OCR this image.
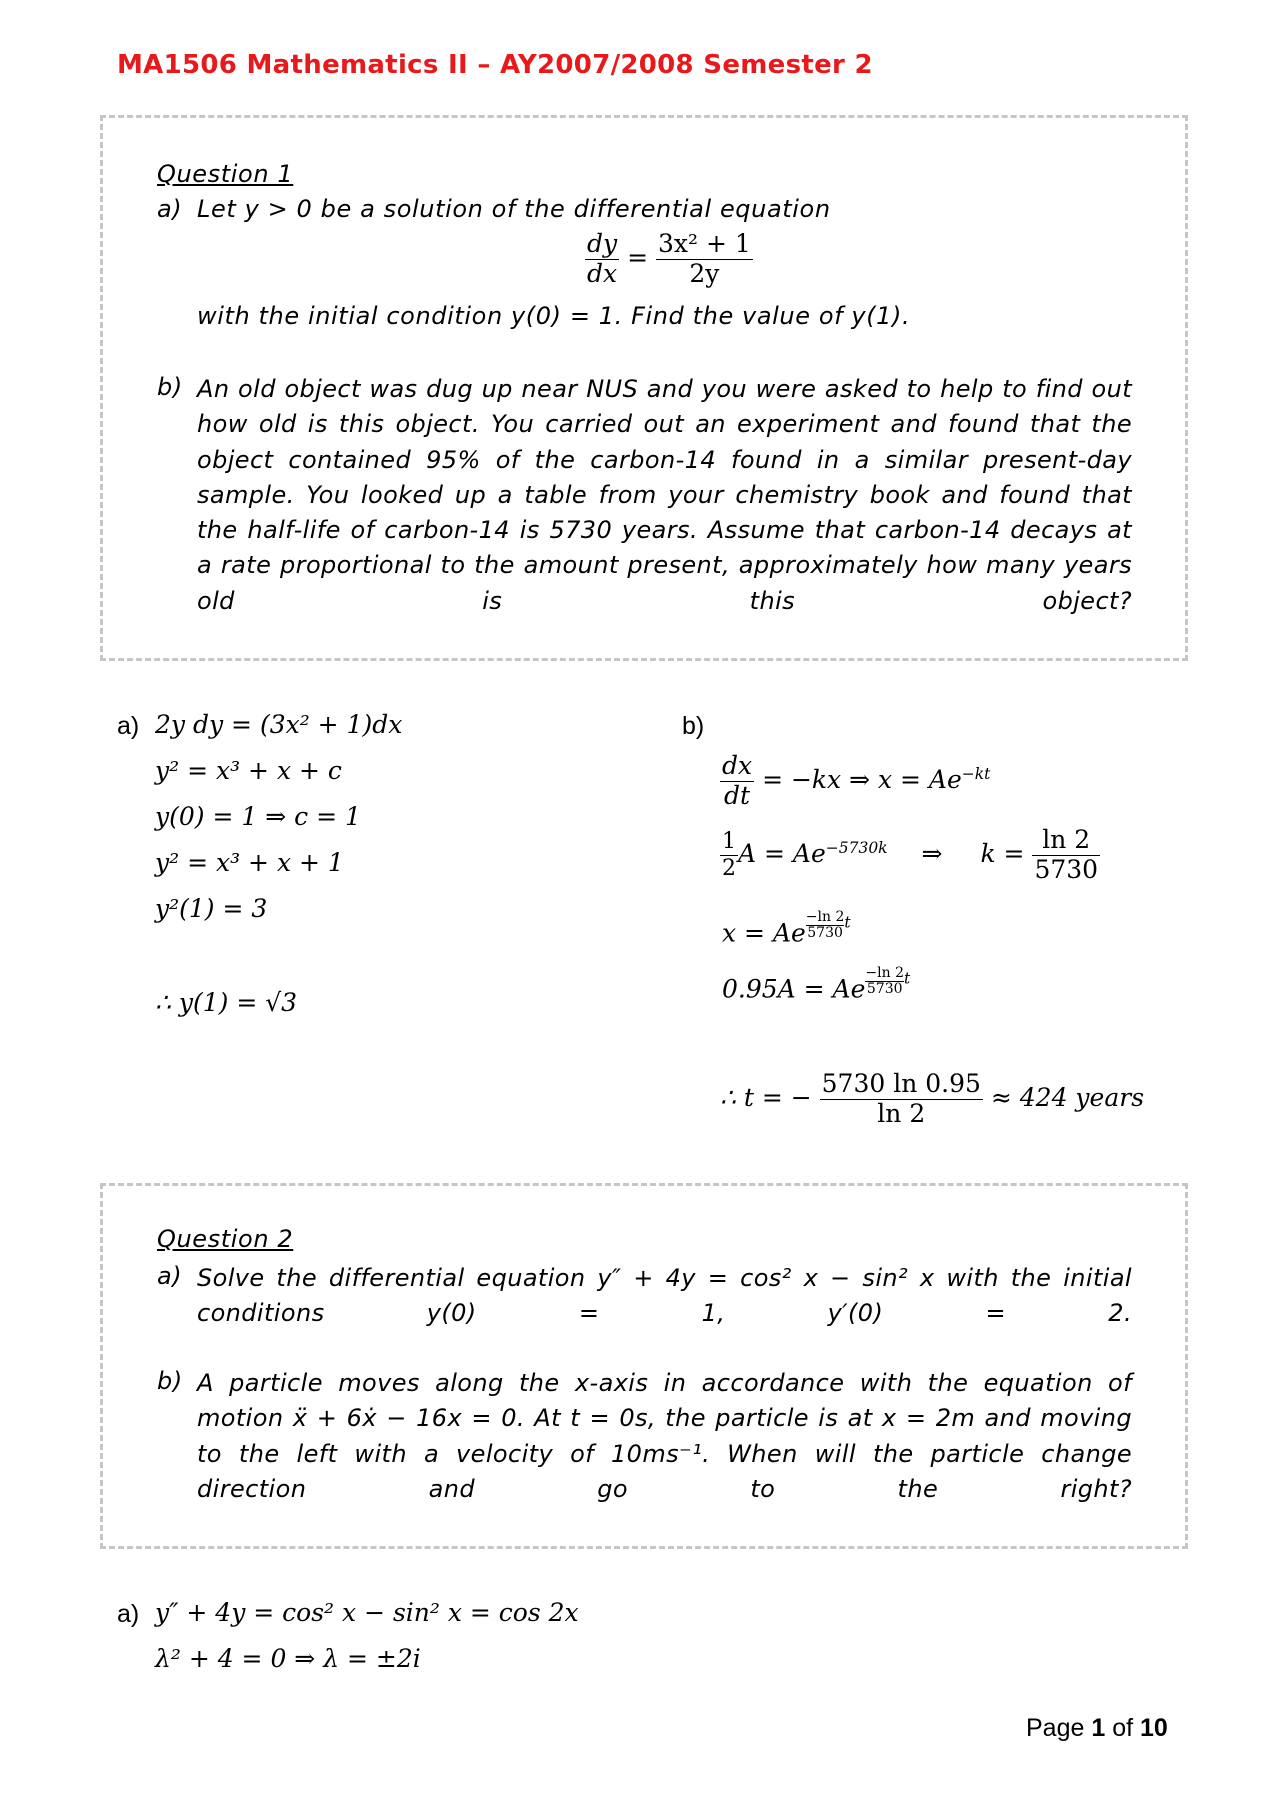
MA1506 Mathematics II – AY2007/2008 Semester 2
Question 1
a) Let y > 0 be a solution of the differential equation
$\frac{dy}{dx} = \frac{\text{3x² + 1}}{2y}$
with the initial condition y(0) = 1. Find the value of y(1).
b) An old object was dug up near NUS and you were asked to help to find out how old is this object. You carried out an experiment and found that the object contained 95% of the carbon-14 found in a similar present-day sample. You looked up a table from your chemistry book and found that the half-life of carbon-14 is 5730 years. Assume that carbon-14 decays at a rate proportional to the amount present, approximately how many years old is this object?
a) 2y dy = (3x² + 1)dx
y² = x³ + x + c
y(0) = 1 ⇒ c = 1
y² = x³ + x + 1
y²(1) = 3
∴ y(1) = √3
b)
$\frac{dx}{dt} = -kx$ ⇒ $x = Ae^{-kt}$
$\frac{1}{2}$ $A = Ae^{-5730k}$ ⇒ $k = \frac{\ln 2}{5730}$
x = Ae $\frac{-\ln 2}{5730} ^t$
0.95A = Ae $\frac{-\ln 2}{5730} ^t$
∴ t = − $\frac{5730 \ln 0.95}{\ln 2} \approx 424$ years
Question 2
a) Solve the differential equation y″ + 4y = cos² x − sin² x with the initial conditions y(0) = 1, y′(0) = 2.
b) A particle moves along the x-axis in accordance with the equation of motion ẍ + 6ẋ − 16x = 0. At t = 0s, the particle is at x = 2m and moving to the left with a velocity of 10ms⁻¹. When will the particle change direction and go to the right?
a) y″ + 4y = cos² x − sin² x = cos 2x
λ² + 4 = 0 ⇒ λ = ±2i
Page 1 of 10
